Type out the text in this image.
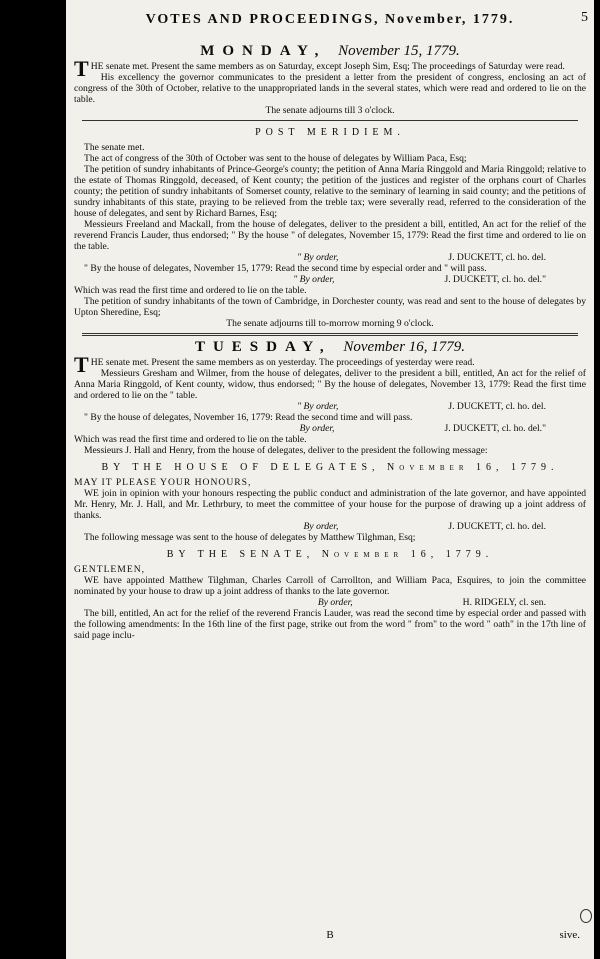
VOTES AND PROCEEDINGS, November, 1779.	5
MONDAY, November 15, 1779.

THE senate met. Present the same members as on Saturday, except Joseph Sim, Esq; The proceedings of Saturday were read.

His excellency the governor communicates to the president a letter from the president of congress, enclosing an act of congress of the 30th of October, relative to the unappropriated lands in the several states, which were read and ordered to lie on the table.

The senate adjourns till 3 o'clock.

POST MERIDIEM.

The senate met.

The act of congress of the 30th of October was sent to the house of delegates by William Paca, Esq;

The petition of sundry inhabitants of Prince-George's county; the petition of Anna Maria Ringgold and Maria Ringgold; relative to the estate of Thomas Ringgold, deceased, of Kent county; the petition of the justices and register of the orphans court of Charles county; the petition of sundry inhabitants of Somerset county, relative to the seminary of learning in said county; and the petitions of sundry inhabitants of this state, praying to be relieved from the treble tax; were severally read, referred to the consideration of the house of delegates, and sent by Richard Barnes, Esq;

Messieurs Freeland and Mackall, from the house of delegates, deliver to the president a bill, entitled, An act for the relief of the reverend Francis Lauder, thus endorsed; " By the house " of delegates, November 15, 1779: Read the first time and ordered to lie on the table.

" By order,	J. DUCKETT, cl. ho. del.

" By the house of delegates, November 15, 1779: Read the second time by especial order and " will pass.

" By order,	J. DUCKETT, cl. ho. del."

Which was read the first time and ordered to lie on the table.

The petition of sundry inhabitants of the town of Cambridge, in Dorchester county, was read and sent to the house of delegates by Upton Sheredine, Esq;

The senate adjourns till to-morrow morning 9 o'clock.

TUESDAY, November 16, 1779.

THE senate met. Present the same members as on yesterday. The proceedings of yesterday were read.

Messieurs Gresham and Wilmer, from the house of delegates, deliver to the president a bill, entitled, An act for the relief of Anna Maria Ringgold, of Kent county, widow, thus endorsed; " By the house of delegates, November 13, 1779: Read the first time and ordered to lie on the " table.

" By order,	J. DUCKETT, cl. ho. del.

" By the house of delegates, November 16, 1779: Read the second time and will pass.

By order,	J. DUCKETT, cl. ho. del."

Which was read the first time and ordered to lie on the table.

Messieurs J. Hall and Henry, from the house of delegates, deliver to the president the following message:

BY THE HOUSE OF DELEGATES, November 16, 1779.

MAY IT PLEASE YOUR HONOURS,

WE join in opinion with your honours respecting the public conduct and administration of the late governor, and have appointed Mr. Henry, Mr. J. Hall, and Mr. Lethrbury, to meet the committee of your house for the purpose of drawing up a joint address of thanks.

By order,	J. DUCKETT, cl. ho. del.

The following message was sent to the house of delegates by Matthew Tilghman, Esq;

BY THE SENATE, November 16, 1779.

GENTLEMEN,

WE have appointed Matthew Tilghman, Charles Carroll of Carrollton, and William Paca, Esquires, to join the committee nominated by your house to draw up a joint address of thanks to the late governor.

By order,	H. RIDGELY, cl. sen.

The bill, entitled, An act for the relief of the reverend Francis Lauder, was read the second time by especial order and passed with the following amendments: In the 16th line of the first page, strike out from the word " from" to the word " oath" in the 17th line of said page inclu-

B	sive.
